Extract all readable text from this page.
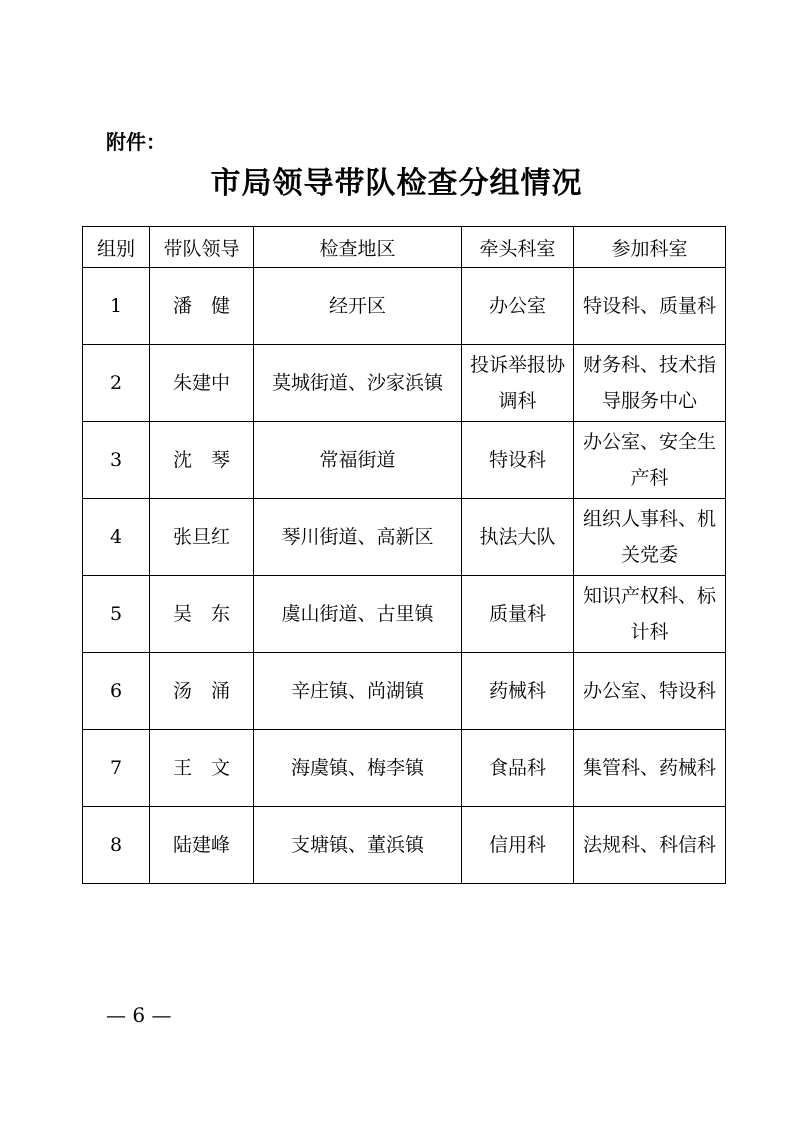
附件：
市局领导带队检查分组情况
组别	带队领导	检查地区	牵头科室	参加科室
1	潘　健	经开区	办公室	特设科、质量科
2	朱建中	莫城街道、沙家浜镇	投诉举报协调科	财务科、技术指导服务中心
3	沈　琴	常福街道	特设科	办公室、安全生产科
4	张旦红	琴川街道、高新区	执法大队	组织人事科、机关党委
5	吴　东	虞山街道、古里镇	质量科	知识产权科、标计科
6	汤　涌	辛庄镇、尚湖镇	药械科	办公室、特设科
7	王　文	海虞镇、梅李镇	食品科	集管科、药械科
8	陆建峰	支塘镇、董浜镇	信用科	法规科、科信科
— 6 —
